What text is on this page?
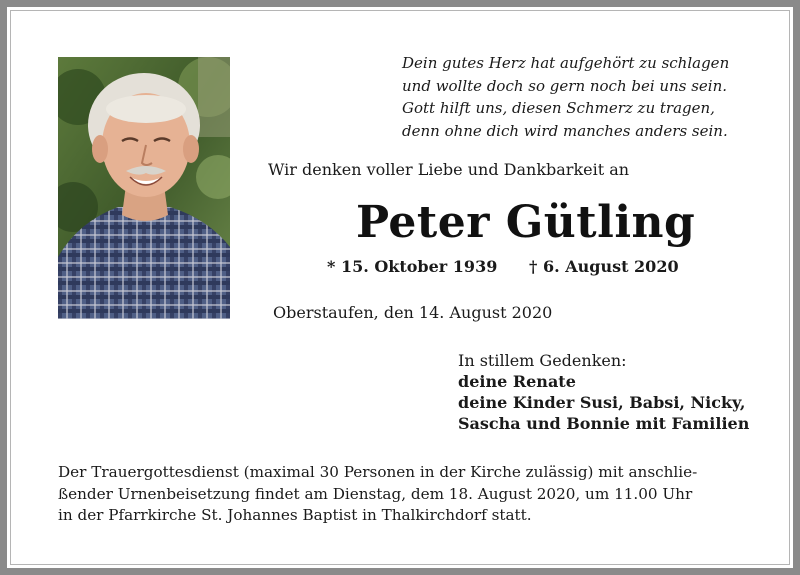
Dein gutes Herz hat aufgehört zu schlagen
und wollte doch so gern noch bei uns sein.
Gott hilft uns, diesen Schmerz zu tragen,
denn ohne dich wird manches anders sein.
Wir denken voller Liebe und Dankbarkeit an
Peter Gütling
* 15. Oktober 1939 † 6. August 2020
Oberstaufen, den 14. August 2020
In stillem Gedenken:
deine Renate
deine Kinder Susi, Babsi, Nicky,
Sascha und Bonnie mit Familien
Der Trauergottesdienst (maximal 30 Personen in der Kirche zulässig) mit anschlie-
ßender Urnenbeisetzung findet am Dienstag, dem 18. August 2020, um 11.00 Uhr
in der Pfarrkirche St. Johannes Baptist in Thalkirchdorf statt.
